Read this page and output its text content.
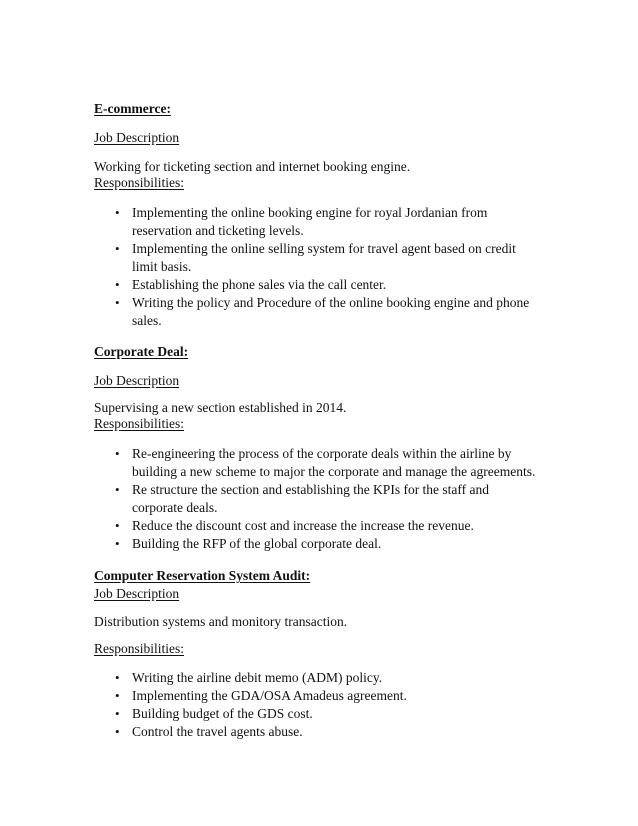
E-commerce:
Job Description
Working for ticketing section and internet booking engine.
Responsibilities:
• Implementing the online booking engine for royal Jordanian from reservation and ticketing levels.
• Implementing the online selling system for travel agent based on credit limit basis.
• Establishing the phone sales via the call center.
• Writing the policy and Procedure of the online booking engine and phone sales.
Corporate Deal:
Job Description
Supervising a new section established in 2014.
Responsibilities:
• Re-engineering the process of the corporate deals within the airline by building a new scheme to major the corporate and manage the agreements.
• Re structure the section and establishing the KPIs for the staff and corporate deals.
• Reduce the discount cost and increase the increase the revenue.
• Building the RFP of the global corporate deal.
Computer Reservation System Audit:
Job Description
Distribution systems and monitory transaction.
Responsibilities:
• Writing the airline debit memo (ADM) policy.
• Implementing the GDA/OSA Amadeus agreement.
• Building budget of the GDS cost.
• Control the travel agents abuse.
